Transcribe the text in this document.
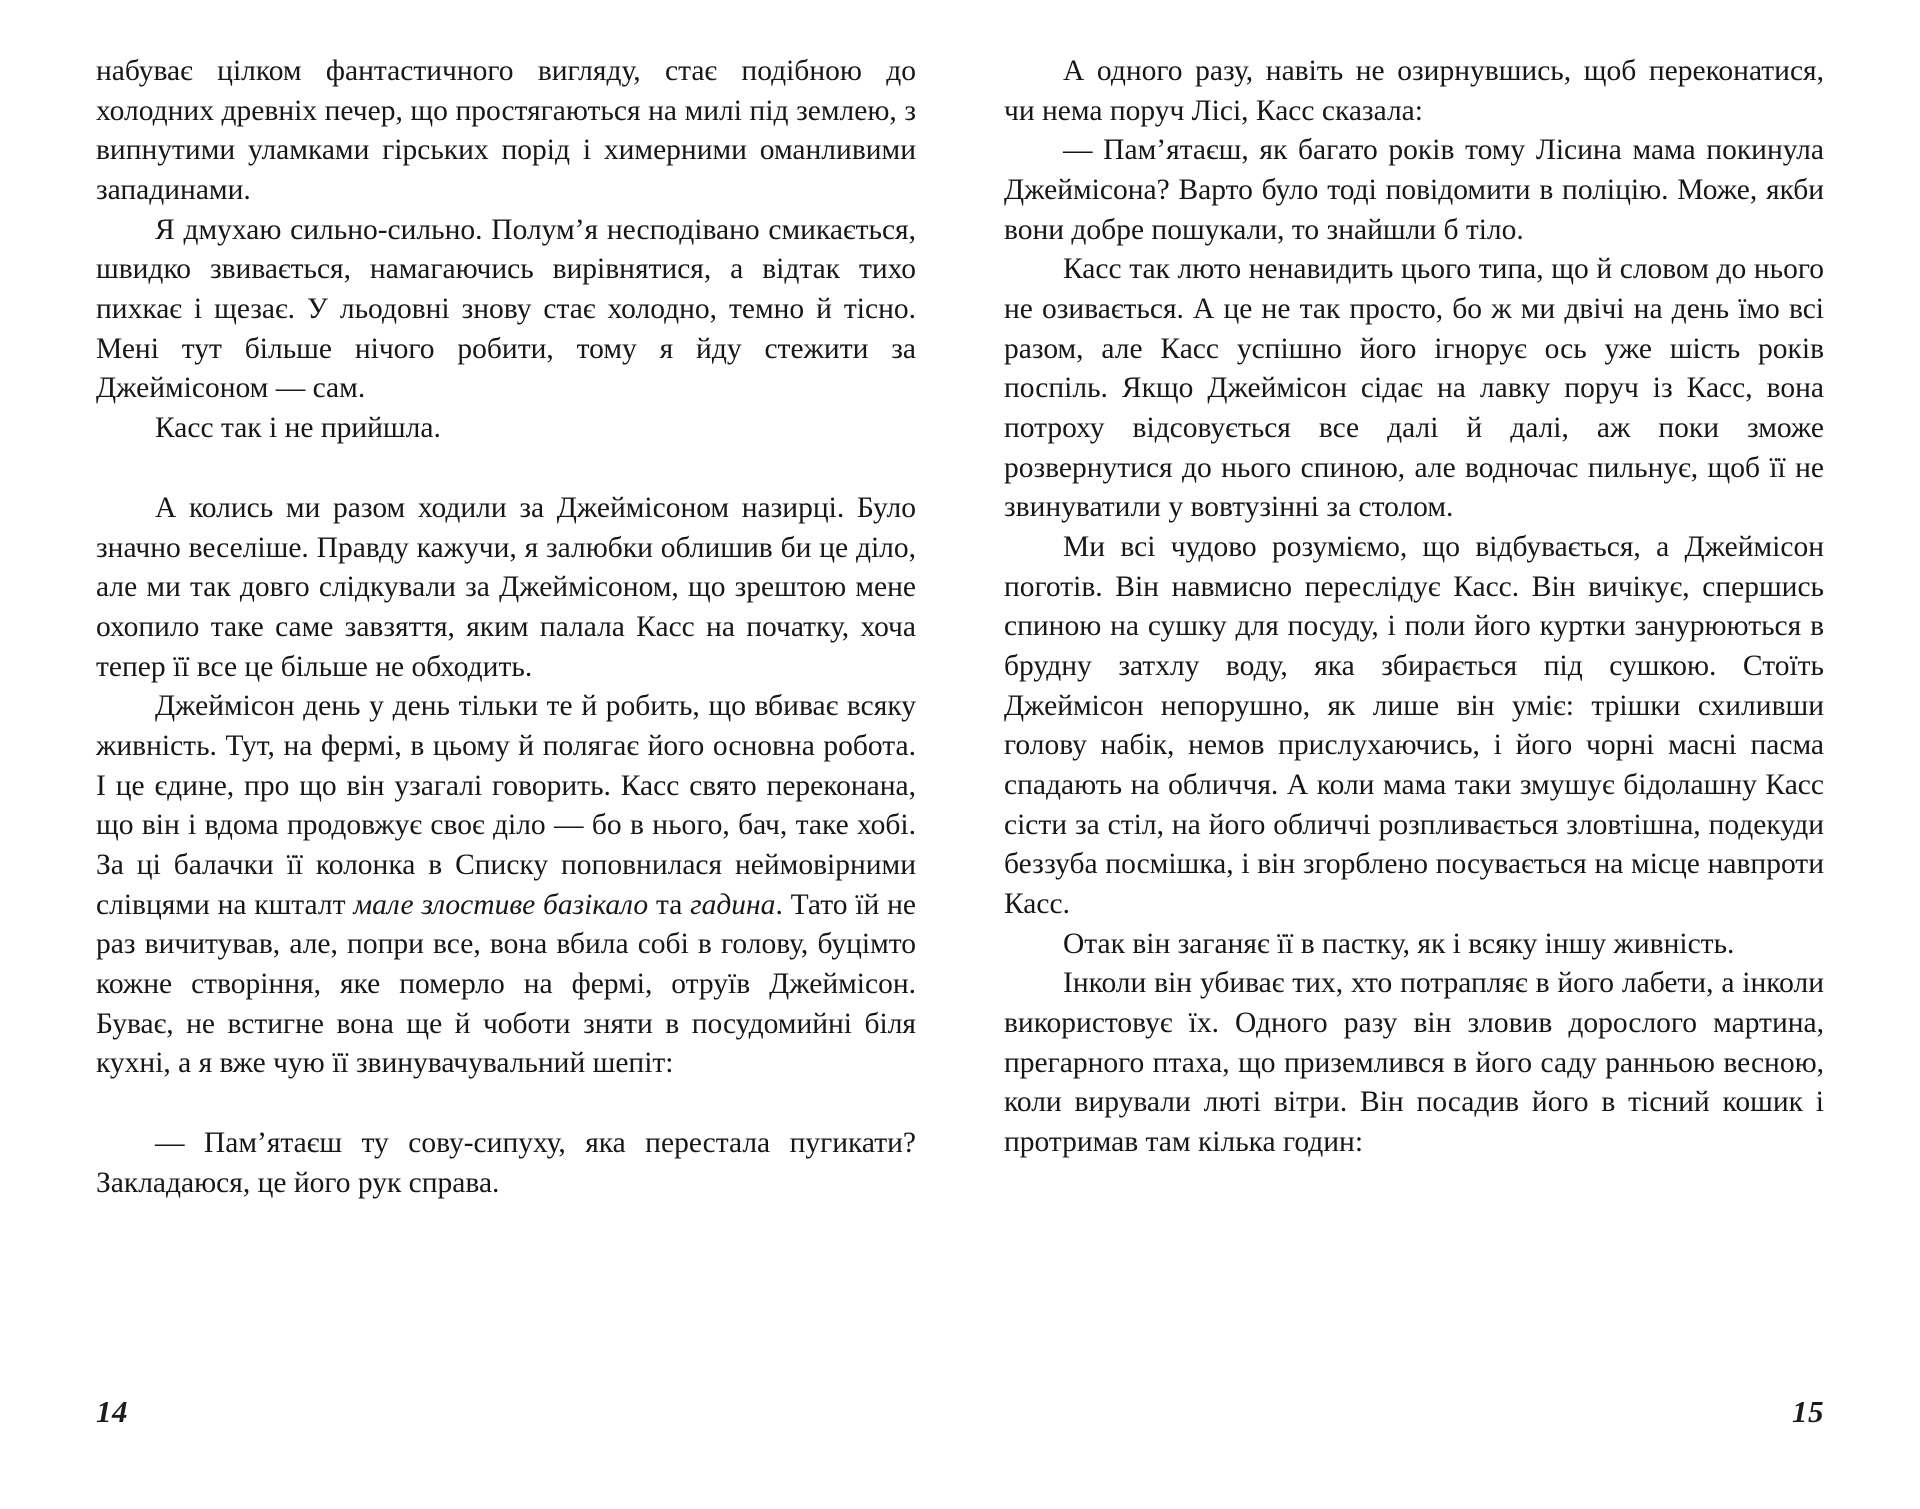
набуває цілком фантастичного вигляду, стає подібною до холодних древніх печер, що простягаються на милі під землею, з випнутими уламками гірських порід і химерними оманливими западинами.

Я дмухаю сильно-сильно. Полум’я несподівано смикається, швидко звивається, намагаючись вирівнятися, а відтак тихо пихкає і щезає. У льодовні знову стає холодно, темно й тісно. Мені тут більше нічого робити, тому я йду стежити за Джеймісоном — сам.

Касс так і не прийшла.

А колись ми разом ходили за Джеймісоном назирці. Було значно веселіше. Правду кажучи, я залюбки облишив би це діло, але ми так довго слідкували за Джеймісоном, що зрештою мене охопило таке саме завзяття, яким палала Касс на початку, хоча тепер її все це більше не обходить.

Джеймісон день у день тільки те й робить, що вбиває всяку живність. Тут, на фермі, в цьому й полягає його основна робота. І це єдине, про що він узагалі говорить. Касс свято переконана, що він і вдома продовжує своє діло — бо в нього, бач, таке хобі. За ці балачки її колонка в Списку поповнилася неймовірними слівцями на кшталт мале злостиве базікало та гадина. Тато їй не раз вичитував, але, попри все, вона вбила собі в голову, буцімто кожне створіння, яке померло на фермі, отруїв Джеймісон. Буває, не встигне вона ще й чоботи зняти в посудомийні біля кухні, а я вже чую її звинувачувальний шепіт:

— Пам’ятаєш ту сову-сипуху, яка перестала пугикати? Закладаюся, це його рук справа.

14

А одного разу, навіть не озирнувшись, щоб переконатися, чи нема поруч Лісі, Касс сказала:

— Пам’ятаєш, як багато років тому Лісина мама покинула Джеймісона? Варто було тоді повідомити в поліцію. Може, якби вони добре пошукали, то знайшли б тіло.

Касс так люто ненавидить цього типа, що й словом до нього не озивається. А це не так просто, бо ж ми двічі на день їмо всі разом, але Касс успішно його ігнорує ось уже шість років поспіль. Якщо Джеймісон сідає на лавку поруч із Касс, вона потроху відсовується все далі й далі, аж поки зможе розвернутися до нього спиною, але водночас пильнує, щоб її не звинуватили у вовтузінні за столом.

Ми всі чудово розуміємо, що відбувається, а Джеймісон поготів. Він навмисно переслідує Касс. Він вичікує, спершись спиною на сушку для посуду, і поли його куртки занурюються в брудну затхлу воду, яка збирається під сушкою. Стоїть Джеймісон непорушно, як лише він уміє: трішки схиливши голову набік, немов прислухаючись, і його чорні масні пасма спадають на обличчя. А коли мама таки змушує бідолашну Касс сісти за стіл, на його обличчі розпливається зловтішна, подекуди беззуба посмішка, і він згорблено посувається на місце навпроти Касс.

Отак він заганяє її в пастку, як і всяку іншу живність.

Інколи він убиває тих, хто потрапляє в його лабети, а інколи використовує їх. Одного разу він зловив дорослого мартина, прегарного птаха, що приземлився в його саду ранньою весною, коли вирували люті вітри. Він посадив його в тісний кошик і протримав там кілька годин:

15
